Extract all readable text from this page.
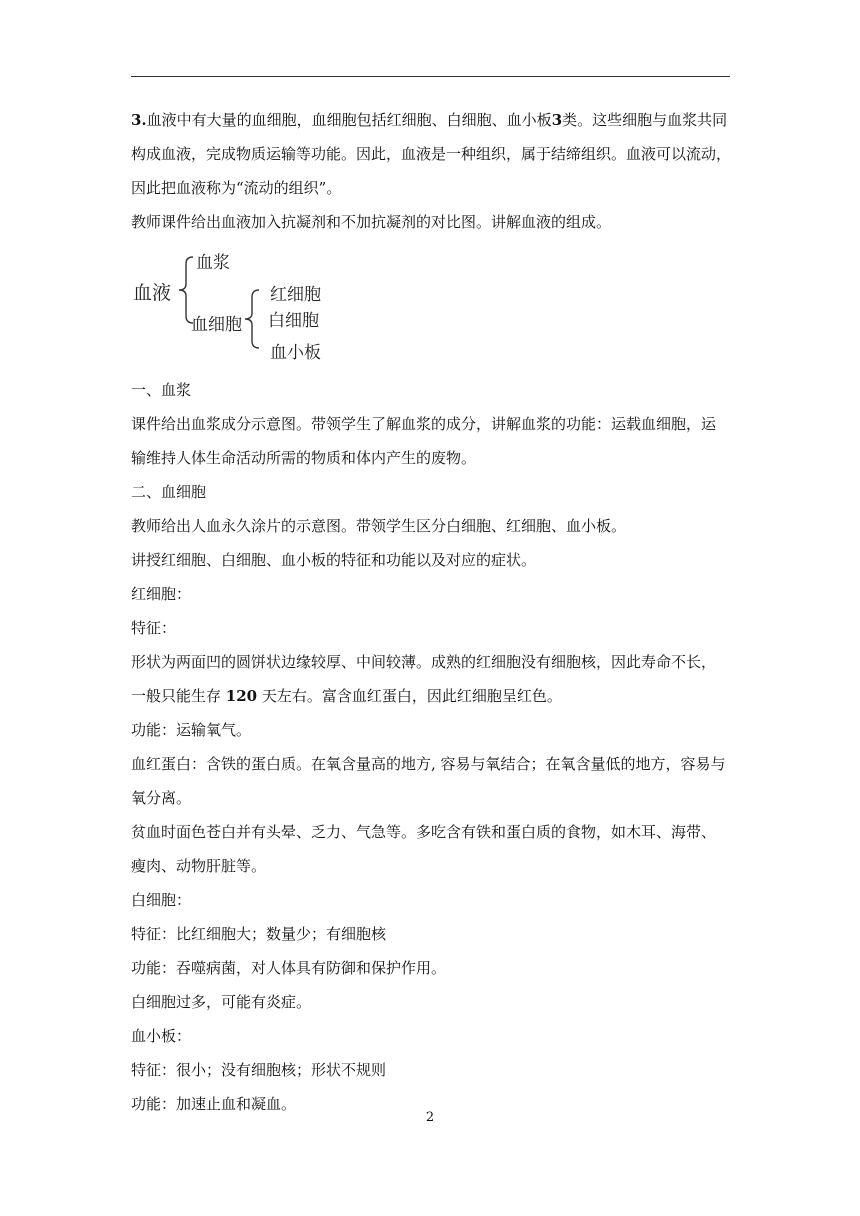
3.血液中有大量的血细胞，血细胞包括红细胞、白细胞、血小板3类。这些细胞与血浆共同
构成血液，完成物质运输等功能。因此，血液是一种组织，属于结缔组织。血液可以流动，
因此把血液称为“流动的组织”。
教师课件给出血液加入抗凝剂和不加抗凝剂的对比图。讲解血液的组成。
血液
血浆
血细胞
红细胞
白细胞
血小板
一、血浆
课件给出血浆成分示意图。带领学生了解血浆的成分，讲解血浆的功能：运载血细胞，运
输维持人体生命活动所需的物质和体内产生的废物。
二、血细胞
教师给出人血永久涂片的示意图。带领学生区分白细胞、红细胞、血小板。
讲授红细胞、白细胞、血小板的特征和功能以及对应的症状。
红细胞：
特征：
形状为两面凹的圆饼状边缘较厚、中间较薄。成熟的红细胞没有细胞核，因此寿命不长，
一般只能生存 120 天左右。富含血红蛋白，因此红细胞呈红色。
功能：运输氧气。
血红蛋白：含铁的蛋白质。在氧含量高的地方, 容易与氧结合；在氧含量低的地方，容易与
氧分离。
贫血时面色苍白并有头晕、乏力、气急等。多吃含有铁和蛋白质的食物，如木耳、海带、
瘦肉、动物肝脏等。
白细胞：
特征：比红细胞大；数量少；有细胞核
功能：吞噬病菌，对人体具有防御和保护作用。
白细胞过多，可能有炎症。
血小板：
特征：很小；没有细胞核；形状不规则
功能：加速止血和凝血。
2
